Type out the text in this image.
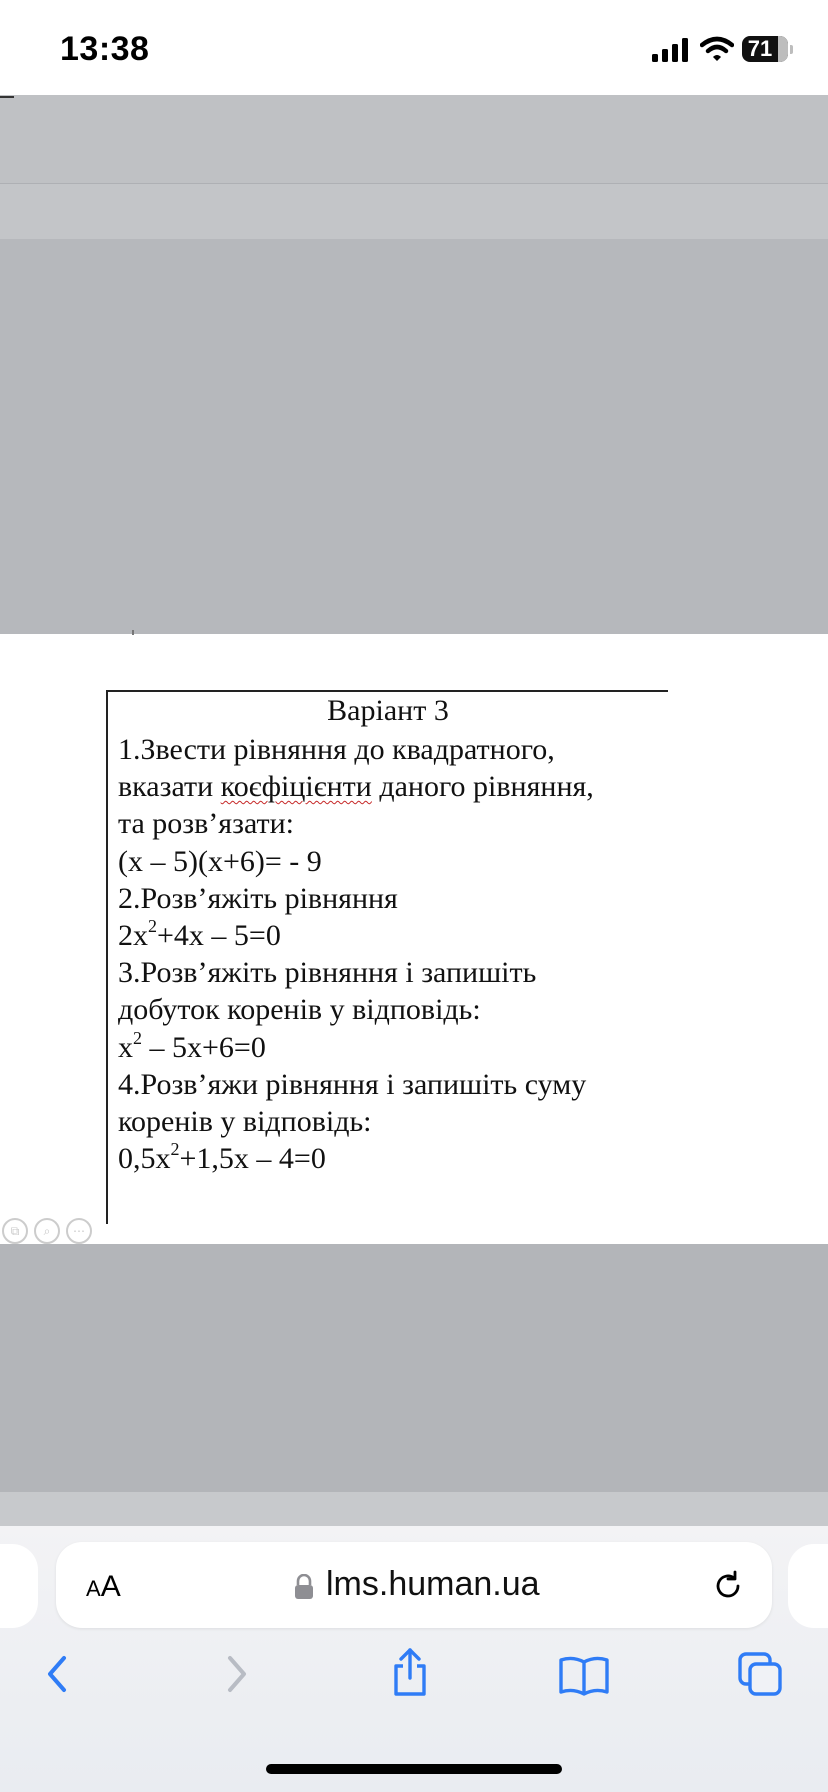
13:38	71
Варіант 3
1.Звести рівняння до квадратного,
вказати коєфіцієнти даного рівняння,
та розв’язати:
(x – 5)(x+6)= - 9
2.Розв’яжіть рівняння
$2x^2+4x - 5=0$
3.Розв’яжіть рівняння і запишіть
добуток коренів у відповідь:
$x^2 - 5x+6=0$
4.Розв’яжи рівняння і запишіть суму
коренів у відповідь:
$0,5x^2+1,5x - 4=0$
⧉ ⌕ ⋯
AA	lms.human.ua
